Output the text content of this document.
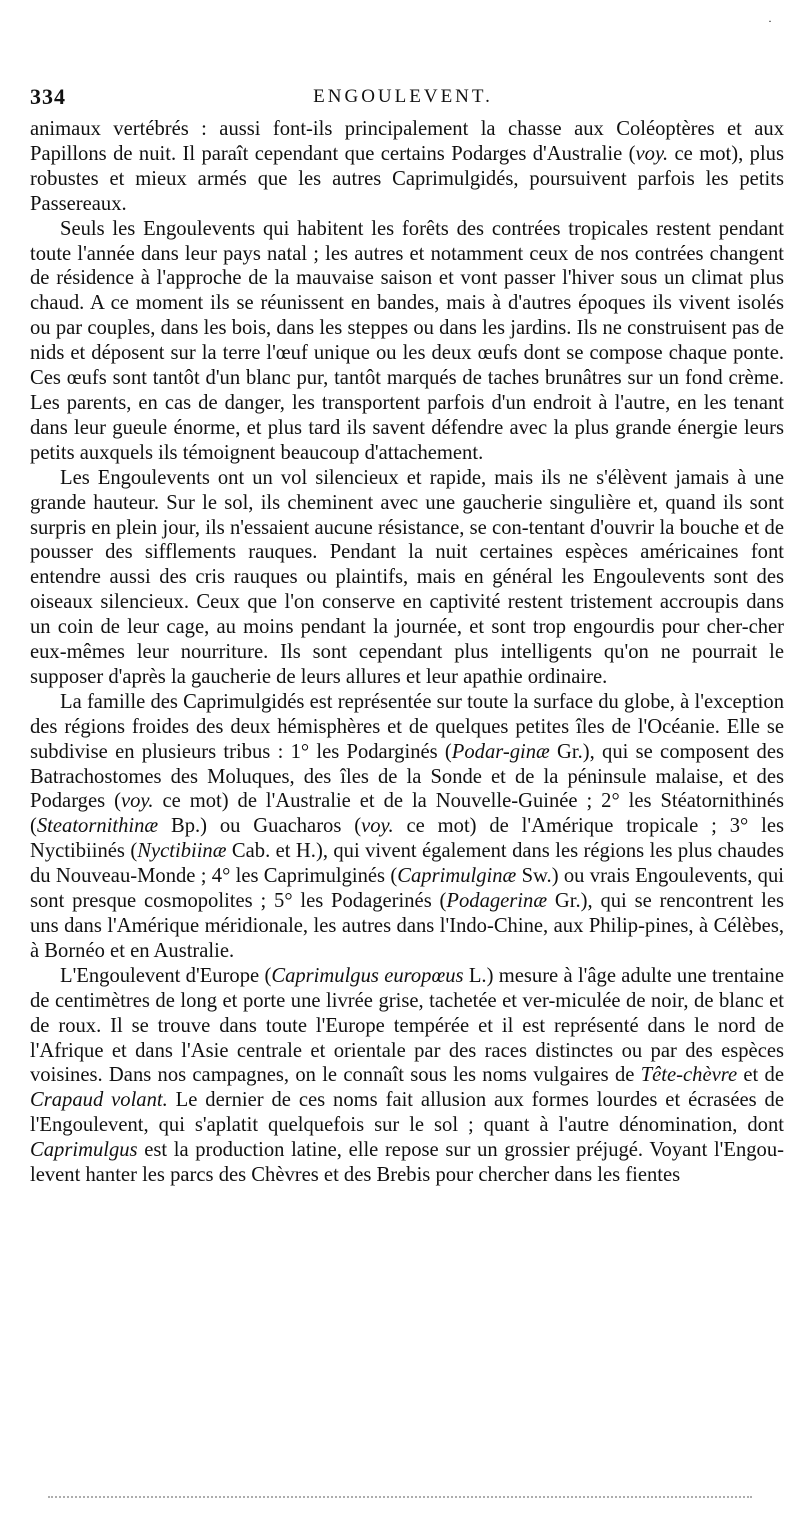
334	ENGOULEVENT.
·

animaux vertébrés : aussi font-ils principalement la chasse aux Coléoptères et aux Papillons de nuit. Il paraît cependant que certains Podarges d'Australie (voy. ce mot), plus robustes et mieux armés que les autres Caprimulgidés, poursuivent parfois les petits Passereaux.

Seuls les Engoulevents qui habitent les forêts des contrées tropicales restent pendant toute l'année dans leur pays natal ; les autres et notamment ceux de nos contrées changent de résidence à l'approche de la mauvaise saison et vont passer l'hiver sous un climat plus chaud. A ce moment ils se réunissent en bandes, mais à d'autres époques ils vivent isolés ou par couples, dans les bois, dans les steppes ou dans les jardins. Ils ne construisent pas de nids et déposent sur la terre l'œuf unique ou les deux œufs dont se compose chaque ponte. Ces œufs sont tantôt d'un blanc pur, tantôt marqués de taches brunâtres sur un fond crème. Les parents, en cas de danger, les transportent parfois d'un endroit à l'autre, en les tenant dans leur gueule énorme, et plus tard ils savent défendre avec la plus grande énergie leurs petits auxquels ils témoignent beaucoup d'attachement.

Les Engoulevents ont un vol silencieux et rapide, mais ils ne s'élèvent jamais à une grande hauteur. Sur le sol, ils cheminent avec une gaucherie singulière et, quand ils sont surpris en plein jour, ils n'essaient aucune résistance, se con-tentant d'ouvrir la bouche et de pousser des sifflements rauques. Pendant la nuit certaines espèces américaines font entendre aussi des cris rauques ou plaintifs, mais en général les Engoulevents sont des oiseaux silencieux. Ceux que l'on conserve en captivité restent tristement accroupis dans un coin de leur cage, au moins pendant la journée, et sont trop engourdis pour cher-cher eux-mêmes leur nourriture. Ils sont cependant plus intelligents qu'on ne pourrait le supposer d'après la gaucherie de leurs allures et leur apathie ordinaire.

La famille des Caprimulgidés est représentée sur toute la surface du globe, à l'exception des régions froides des deux hémisphères et de quelques petites îles de l'Océanie. Elle se subdivise en plusieurs tribus : 1° les Podarginés (Podar-ginæ Gr.), qui se composent des Batrachostomes des Moluques, des îles de la Sonde et de la péninsule malaise, et des Podarges (voy. ce mot) de l'Australie et de la Nouvelle-Guinée ; 2° les Stéatornithinés (Steatornithinæ Bp.) ou Guacharos (voy. ce mot) de l'Amérique tropicale ; 3° les Nyctibiinés (Nyctibiinæ Cab. et H.), qui vivent également dans les régions les plus chaudes du Nouveau-Monde ; 4° les Caprimulginés (Caprimulginæ Sw.) ou vrais Engoulevents, qui sont presque cosmopolites ; 5° les Podagerinés (Podagerinæ Gr.), qui se rencontrent les uns dans l'Amérique méridionale, les autres dans l'Indo-Chine, aux Philip-pines, à Célèbes, à Bornéo et en Australie.

L'Engoulevent d'Europe (Caprimulgus europœus L.) mesure à l'âge adulte une trentaine de centimètres de long et porte une livrée grise, tachetée et ver-miculée de noir, de blanc et de roux. Il se trouve dans toute l'Europe tempérée et il est représenté dans le nord de l'Afrique et dans l'Asie centrale et orientale par des races distinctes ou par des espèces voisines. Dans nos campagnes, on le connaît sous les noms vulgaires de Tête-chèvre et de Crapaud volant. Le dernier de ces noms fait allusion aux formes lourdes et écrasées de l'Engoulevent, qui s'aplatit quelquefois sur le sol ; quant à l'autre dénomination, dont Caprimulgus est la production latine, elle repose sur un grossier préjugé. Voyant l'Engou-levent hanter les parcs des Chèvres et des Brebis pour chercher dans les fientes
